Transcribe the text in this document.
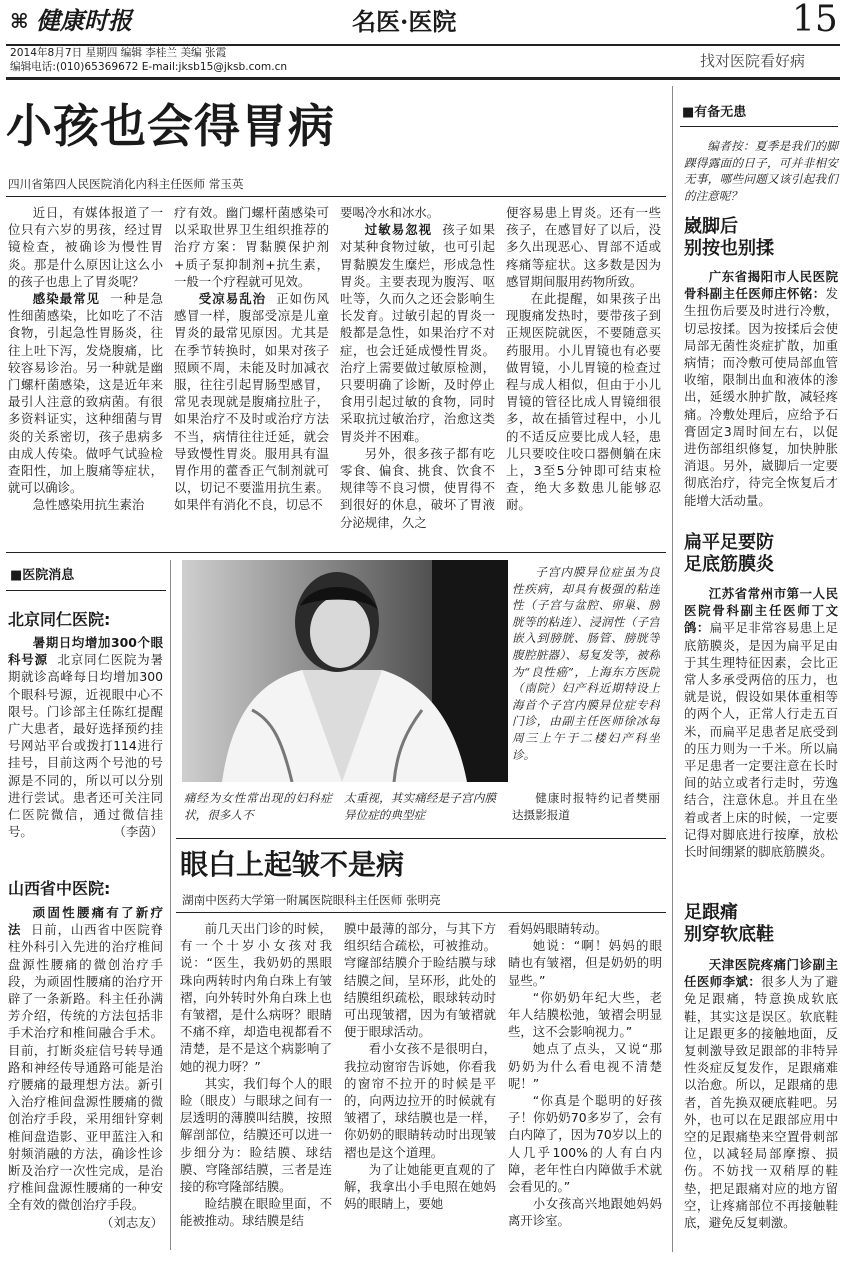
⌘ 健康时报	名医·医院	15
2014年8月7日 星期四 编辑 李桂兰 美编 张霞
编辑电话:(010)65369672 E-mail:jksb15@jksb.com.cn	找对医院看好病
小孩也会得胃病
四川省第四人民医院消化内科主任医师 常玉英

近日，有媒体报道了一位只有六岁的男孩，经过胃镜检查，被确诊为慢性胃炎。那是什么原因让这么小的孩子也患上了胃炎呢？

感染最常见 一种是急性细菌感染，比如吃了不洁食物，引起急性胃肠炎，往往上吐下泻，发烧腹痛，比较容易诊治。另一种就是幽门螺杆菌感染，这是近年来最引人注意的致病菌。有很多资料证实，这种细菌与胃炎的关系密切，孩子患病多由成人传染。做呼气试验检查阳性，加上腹痛等症状，就可以确诊。

急性感染用抗生素治

疗有效。幽门螺杆菌感染可以采取世界卫生组织推荐的治疗方案：胃黏膜保护剂+质子泵抑制剂+抗生素，一般一个疗程就可见效。

受凉易乱治 正如伤风感冒一样，腹部受凉是儿童胃炎的最常见原因。尤其是在季节转换时，如果对孩子照顾不周，未能及时加减衣服，往往引起胃肠型感冒，常见表现就是腹痛拉肚子，如果治疗不及时或治疗方法不当，病情往往迁延，就会导致慢性胃炎。服用具有温胃作用的藿香正气制剂就可以，切记不要滥用抗生素。如果伴有消化不良，切忌不

要喝冷水和冰水。

过敏易忽视 孩子如果对某种食物过敏，也可引起胃黏膜发生糜烂，形成急性胃炎。主要表现为腹泻、呕吐等，久而久之还会影响生长发育。过敏引起的胃炎一般都是急性，如果治疗不对症，也会迁延成慢性胃炎。治疗上需要做过敏原检测，只要明确了诊断，及时停止食用引起过敏的食物，同时采取抗过敏治疗，治愈这类胃炎并不困难。

另外，很多孩子都有吃零食、偏食、挑食、饮食不规律等不良习惯，使胃得不到很好的休息，破坏了胃液分泌规律，久之

便容易患上胃炎。还有一些孩子，在感冒好了以后，没多久出现恶心、胃部不适或疼痛等症状。这多数是因为感冒期间服用药物所致。

在此提醒，如果孩子出现腹痛发热时，要带孩子到正规医院就医，不要随意买药服用。小儿胃镜也有必要做胃镜，小儿胃镜的检查过程与成人相似，但由于小儿胃镜的管径比成人胃镜细很多，故在插管过程中，小儿的不适反应要比成人轻，患儿只要咬住咬口器侧躺在床上，3至5分钟即可结束检查，绝大多数患儿能够忍耐。

■医院消息
北京同仁医院:

暑期日均增加300个眼科号源 北京同仁医院为暑期就诊高峰每日均增加300个眼科号源，近视眼中心不限号。门诊部主任陈红提醒广大患者，最好选择预约挂号网站平台或拨打114进行挂号，目前这两个号池的号源是不同的，所以可以分别进行尝试。患者还可关注同仁医院微信，通过微信挂号。	（李茵）

山西省中医院:

顽固性腰痛有了新疗法 日前，山西省中医院脊柱外科引入先进的治疗椎间盘源性腰痛的微创治疗手段，为顽固性腰痛的治疗开辟了一条新路。科主任孙满芳介绍，传统的方法包括非手术治疗和椎间融合手术。目前，打断炎症信号转导通路和神经传导通路可能是治疗腰痛的最理想方法。新引入治疗椎间盘源性腰痛的微创治疗手段，采用细针穿刺椎间盘造影、亚甲蓝注入和射频消融的方法，确诊性诊断及治疗一次性完成，是治疗椎间盘源性腰痛的一种安全有效的微创治疗手段。
（刘志友）

痛经为女性常出现的妇科症状，很多人不
太重视，其实痛经是子宫内膜异位症的典型症
子宫内膜异位症虽为良性疾病，却具有极强的粘连性（子宫与盆腔、卵巢、膀胱等的粘连）、浸润性（子宫嵌入到膀胱、肠管、膀胱等腹腔脏器）、易复发等，被称为“良性癌”，上海东方医院（南院）妇产科近期特设上海首个子宫内膜异位症专科门诊，由副主任医师徐冰每周三上午于二楼妇产科坐诊。
健康时报特约记者樊丽达摄影报道
眼白上起皱不是病
湖南中医药大学第一附属医院眼科主任医师 张明亮

前几天出门诊的时候，有一个十岁小女孩对我说：“医生，我奶奶的黑眼珠向两转时内角白珠上有皱褶，向外转时外角白珠上也有皱褶，是什么病呀？眼睛不痛不痒，却造电视都看不清楚，是不是这个病影响了她的视力呀？”

其实，我们每个人的眼睑（眼皮）与眼球之间有一层透明的薄膜叫结膜，按照解剖部位，结膜还可以进一步细分为：睑结膜、球结膜、穹隆部结膜，三者是连接的称穹隆部结膜。

睑结膜在眼睑里面，不能被推动。球结膜是结

膜中最薄的部分，与其下方组织结合疏松，可被推动。穹窿部结膜介于睑结膜与球结膜之间，呈环形，此处的结膜组织疏松，眼球转动时可出现皱褶，因为有皱褶就便于眼球活动。

看小女孩不是很明白，我拉动窗帘告诉她，你看我的窗帘不拉开的时候是平的，向两边拉开的时候就有皱褶了，球结膜也是一样，你奶奶的眼睛转动时出现皱褶也是这个道理。

为了让她能更直观的了解，我拿出小手电照在她妈妈的眼睛上，要她

看妈妈眼睛转动。

她说：“啊！妈妈的眼睛也有皱褶，但是奶奶的明显些。”

“你奶奶年纪大些，老年人结膜松弛，皱褶会明显些，这不会影响视力。”

她点了点头，又说“那奶奶为什么看电视不清楚呢！”

“你真是个聪明的好孩子！你奶奶70多岁了，会有白内障了，因为70岁以上的人几乎100%的人有白内障，老年性白内障做手术就会看见的。”

小女孩高兴地跟她妈妈离开诊室。

■有备无患
编者按：夏季是我们的脚踝得露面的日子，可并非相安无事，哪些问题又该引起我们的注意呢？
崴脚后
别按也别揉

广东省揭阳市人民医院骨科副主任医师庄怀铭：发生扭伤后要及时进行冷敷，切忌按揉。因为按揉后会使局部无菌性炎症扩散，加重病情；而冷敷可使局部血管收缩，限制出血和液体的渗出，延缓水肿扩散，减轻疼痛。冷敷处理后，应给予石膏固定3周时间左右，以促进伤部组织修复，加快肿胀消退。另外，崴脚后一定要彻底治疗，待完全恢复后才能增大活动量。

扁平足要防
足底筋膜炎

江苏省常州市第一人民医院骨科副主任医师丁文鸽：扁平足非常容易患上足底筋膜炎，是因为扁平足由于其生理特征因素，会比正常人多承受两倍的压力，也就是说，假设如果体重相等的两个人，正常人行走五百米，而扁平足患者足底受到的压力则为一千米。所以扁平足患者一定要注意在长时间的站立或者行走时，劳逸结合，注意休息。并且在坐着或者上床的时候，一定要记得对脚底进行按摩，放松长时间绷紧的脚底筋膜炎。

足跟痛
别穿软底鞋

天津医院疼痛门诊副主任医师李斌：很多人为了避免足跟痛，特意换成软底鞋，其实这是误区。软底鞋让足跟更多的接触地面，反复刺激导致足跟部的非特异性炎症反复发作，足跟痛难以治愈。所以，足跟痛的患者，首先换双硬底鞋吧。另外，也可以在足跟部应用中空的足跟痛垫来空置骨刺部位，以减轻局部摩擦、损伤。不妨找一双稍厚的鞋垫，把足跟痛对应的地方留空，让疼痛部位不再接触鞋底，避免反复刺激。
